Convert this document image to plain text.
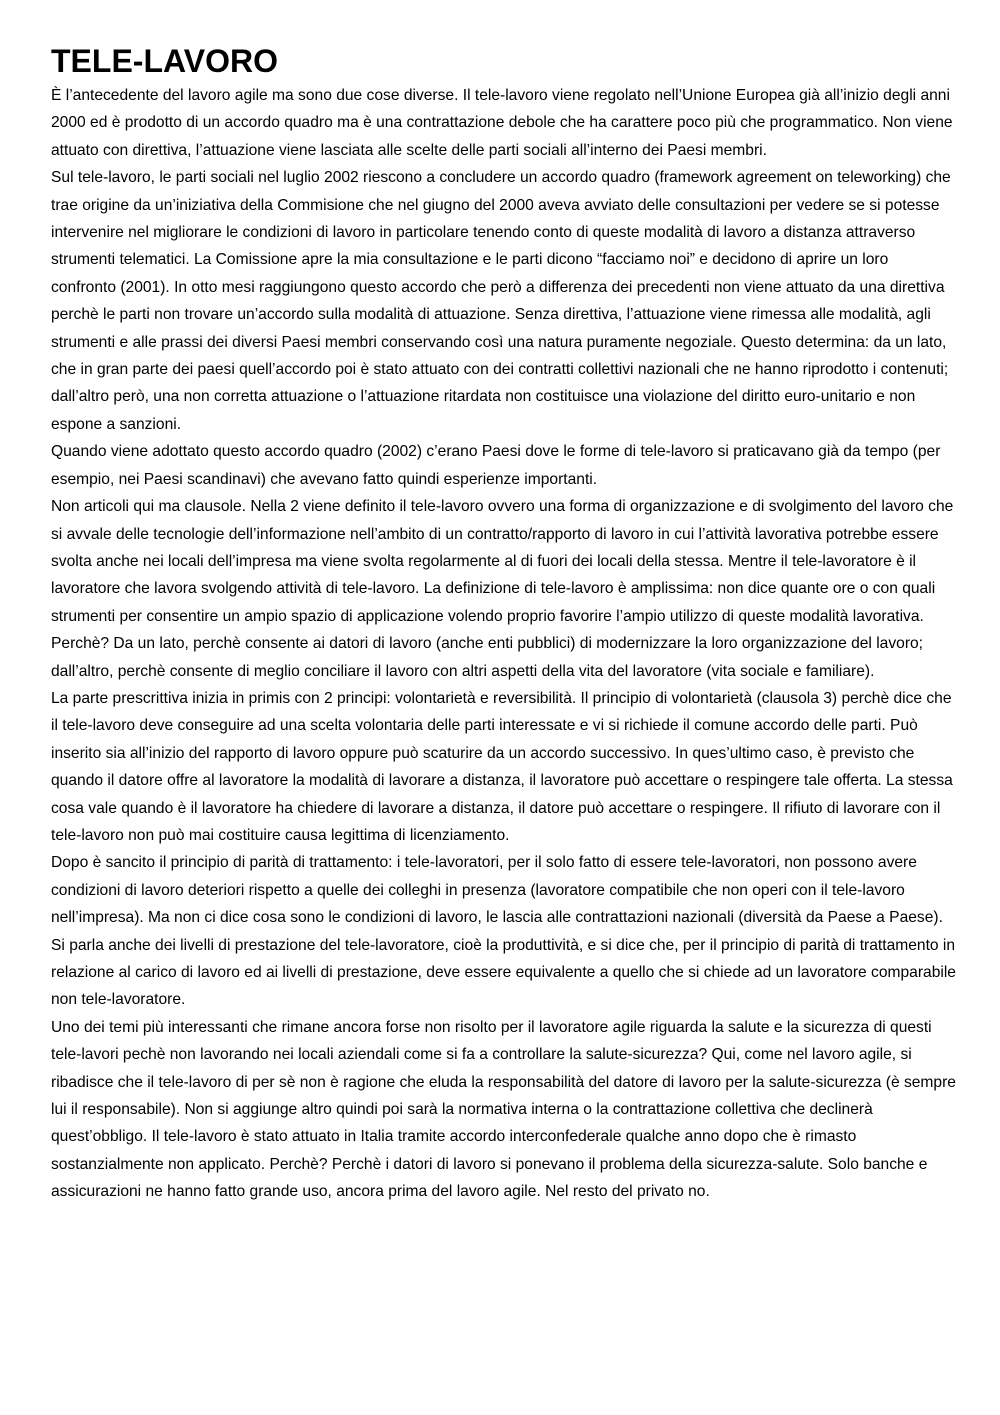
TELE-LAVORO

È l’antecedente del lavoro agile ma sono due cose diverse. Il tele-lavoro viene regolato nell’Unione Europea già all’inizio degli anni 2000 ed è prodotto di un accordo quadro ma è una contrattazione debole che ha carattere poco più che programmatico. Non viene attuato con direttiva, l’attuazione viene lasciata alle scelte delle parti sociali all’interno dei Paesi membri.

Sul tele-lavoro, le parti sociali nel luglio 2002 riescono a concludere un accordo quadro (framework agreement on teleworking) che trae origine da un’iniziativa della Commisione che nel giugno del 2000 aveva avviato delle consultazioni per vedere se si potesse intervenire nel migliorare le condizioni di lavoro in particolare tenendo conto di queste modalità di lavoro a distanza attraverso strumenti telematici. La Comissione apre la mia consultazione e le parti dicono “facciamo noi” e decidono di aprire un loro confronto (2001). In otto mesi raggiungono questo accordo che però a differenza dei precedenti non viene attuato da una direttiva perchè le parti non trovare un’accordo sulla modalità di attuazione. Senza direttiva, l’attuazione viene rimessa alle modalità, agli strumenti e alle prassi dei diversi Paesi membri conservando così una natura puramente negoziale. Questo determina: da un lato, che in gran parte dei paesi quell’accordo poi è stato attuato con dei contratti collettivi nazionali che ne hanno riprodotto i contenuti; dall’altro però, una non corretta attuazione o l’attuazione ritardata non costituisce una violazione del diritto euro-unitario e non espone a sanzioni.

Quando viene adottato questo accordo quadro (2002) c’erano Paesi dove le forme di tele-lavoro si praticavano già da tempo (per esempio, nei Paesi scandinavi) che avevano fatto quindi esperienze importanti.

Non articoli qui ma clausole. Nella 2 viene definito il tele-lavoro ovvero una forma di organizzazione e di svolgimento del lavoro che si avvale delle tecnologie dell’informazione nell’ambito di un contratto/rapporto di lavoro in cui l’attività lavorativa potrebbe essere svolta anche nei locali dell’impresa ma viene svolta regolarmente al di fuori dei locali della stessa. Mentre il tele-lavoratore è il lavoratore che lavora svolgendo attività di tele-lavoro. La definizione di tele-lavoro è amplissima: non dice quante ore o con quali strumenti per consentire un ampio spazio di applicazione volendo proprio favorire l’ampio utilizzo di queste modalità lavorativa. Perchè? Da un lato, perchè consente ai datori di lavoro (anche enti pubblici) di modernizzare la loro organizzazione del lavoro; dall’altro, perchè consente di meglio conciliare il lavoro con altri aspetti della vita del lavoratore (vita sociale e familiare).

La parte prescrittiva inizia in primis con 2 principi: volontarietà e reversibilità. Il principio di volontarietà (clausola 3) perchè dice che il tele-lavoro deve conseguire ad una scelta volontaria delle parti interessate e vi si richiede il comune accordo delle parti. Può inserito sia all’inizio del rapporto di lavoro oppure può scaturire da un accordo successivo. In ques’ultimo caso, è previsto che quando il datore offre al lavoratore la modalità di lavorare a distanza, il lavoratore può accettare o respingere tale offerta. La stessa cosa vale quando è il lavoratore ha chiedere di lavorare a distanza, il datore può accettare o respingere. Il rifiuto di lavorare con il tele-lavoro non può mai costituire causa legittima di licenziamento.

Dopo è sancito il principio di parità di trattamento: i tele-lavoratori, per il solo fatto di essere tele-lavoratori, non possono avere condizioni di lavoro deteriori rispetto a quelle dei colleghi in presenza (lavoratore compatibile che non operi con il tele-lavoro nell’impresa). Ma non ci dice cosa sono le condizioni di lavoro, le lascia alle contrattazioni nazionali (diversità da Paese a Paese).

Si parla anche dei livelli di prestazione del tele-lavoratore, cioè la produttività, e si dice che, per il principio di parità di trattamento in relazione al carico di lavoro ed ai livelli di prestazione, deve essere equivalente a quello che si chiede ad un lavoratore comparabile non tele-lavoratore.

Uno dei temi più interessanti che rimane ancora forse non risolto per il lavoratore agile riguarda la salute e la sicurezza di questi tele-lavori pechè non lavorando nei locali aziendali come si fa a controllare la salute-sicurezza? Qui, come nel lavoro agile, si ribadisce che il tele-lavoro di per sè non è ragione che eluda la responsabilità del datore di lavoro per la salute-sicurezza (è sempre lui il responsabile). Non si aggiunge altro quindi poi sarà la normativa interna o la contrattazione collettiva che declinerà quest’obbligo. Il tele-lavoro è stato attuato in Italia tramite accordo interconfederale qualche anno dopo che è rimasto sostanzialmente non applicato. Perchè? Perchè i datori di lavoro si ponevano il problema della sicurezza-salute. Solo banche e assicurazioni ne hanno fatto grande uso, ancora prima del lavoro agile. Nel resto del privato no.
